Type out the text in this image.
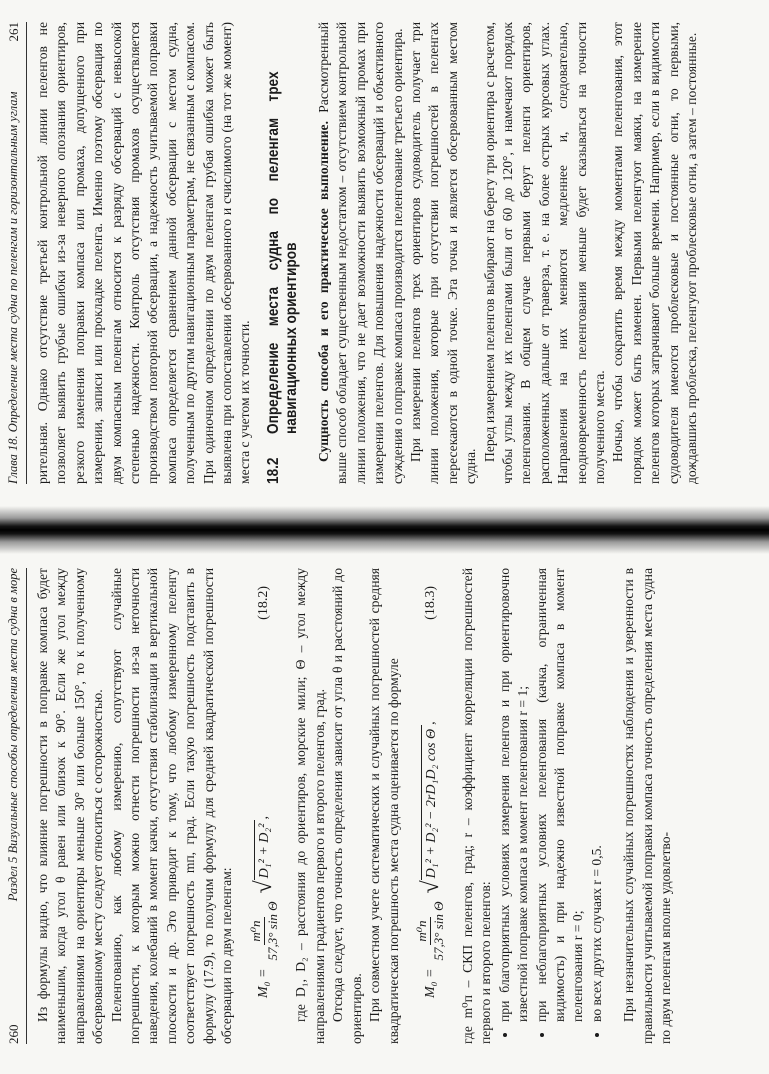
260
Раздел 5 Визуальные способы определения места судна в море Из формулы видно, что влияние погрешности в поправке компаса будет наименьшим, когда угол θ равен или близок к 90°. Если же угол между направлениями на ориентиры меньше 30° или больше 150°, то к полученному обсервованному месту следует относиться с осторожностью. Пеленгованию, как любому измерению, сопутствуют случайные погрешности, к которым можно отнести погрешности из-за неточности наведения, колебаний в момент качки, отсутствия стабилизации в вертикальной плоскости и др. Это приводит к тому, что любому измеренному пеленгу соответствует погрешность mп, град. Если такую погрешность подставить в формулу (17.9), то получим формулу для средней квадратической погрешности обсервации по двум пеленгам: M₀ =
m⁰п 57,3° sin Θ
√
D₁² + D₂²
,
(18.2) где D₁, D₂ – расстояния до ориентиров, морские мили; Θ – угол между направлениями градиентов первого и второго пеленгов, град. Отсюда следует, что точность определения зависит от угла θ и расстояний до ориентиров. При совместном учете систематических и случайных погрешностей средняя квадратическая погрешность места судна оценивается по формуле M₀ =
m⁰п 57,3° sin Θ
√
D₁² + D₂² − 2rD₁D₂ cos Θ
,
(18.3) где m⁰п – СКП пеленгов, град; r – коэффициент корреляции погрешностей первого и второго пеленгов: • при благоприятных условиях измерения пеленгов и при ориентировочно известной поправке компаса в момент пеленгования r = 1; • при неблагоприятных условиях пеленгования (качка, ограниченная видимость) и при надежно известной поправке компаса в момент пеленгования r = 0; • во всех других случаях r = 0,5. При незначительных случайных погрешностях наблюдения и уверенности в правильности учитываемой поправки компаса точность определения места судна по двум пеленгам вполне удовлетво-

Глава 18. Определение места судна по пеленгам и горизонтальным углам
261 рительная. Однако отсутствие третьей контрольной линии пеленгов не позволяет выявить грубые ошибки из-за неверного опознания ориентиров, резкого изменения поправки компаса или промаха, допущенного при измерении, записи или прокладке пеленга. Именно поэтому обсервация по двум компасным пеленгам относится к разряду обсерваций с невысокой степенью надежности. Контроль отсутствия промахов осуществляется производством повторной обсервации, а надежность учитываемой поправки компаса определяется сравнением данной обсервации с местом судна, полученным по другим навигационным параметрам, не связанным с компасом. При одиночном определении по двум пеленгам грубая ошибка может быть выявлена при сопоставлении обсервованного и счислимого (на тот же момент) места с учетом их точности. 18.2
Определение места судна по пеленгам трех навигационных ориентиров Сущность способа и его практическое выполнение. Рассмотренный выше способ обладает существенным недостатком – отсутствием контрольной линии положения, что не дает возможности выявить возможный промах при измерении пеленгов. Для повышения надежности обсерваций и объективного суждения о поправке компаса производится пеленгование третьего ориентира. При измерении пеленгов трех ориентиров судоводитель получает три линии положения, которые при отсутствии погрешностей в пеленгах пересекаются в одной точке. Эта точка и является обсервованным местом судна.

Перед измерением пеленгов выбирают на берегу три ориентира с расчетом, чтобы углы между их пеленгами были от 60 до 120°, и намечают порядок пеленгования. В общем случае первыми берут пеленги ориентиров, расположенных дальше от траверза, т. е. на более острых курсовых углах. Направления на них меняются медленнее и, следовательно, неодновременность пеленгования меньше будет сказываться на точности полученного места. Ночью, чтобы сократить время между моментами пеленгования, этот порядок может быть изменен. Первыми пеленгуют маяки, на измерение пеленгов которых затрачивают больше времени. Например, если в видимости судоводителя имеются проблесковые и постоянные огни, то первыми, дождавшись проблеска, пеленгуют проблесковые огни, а затем – постоянные.
